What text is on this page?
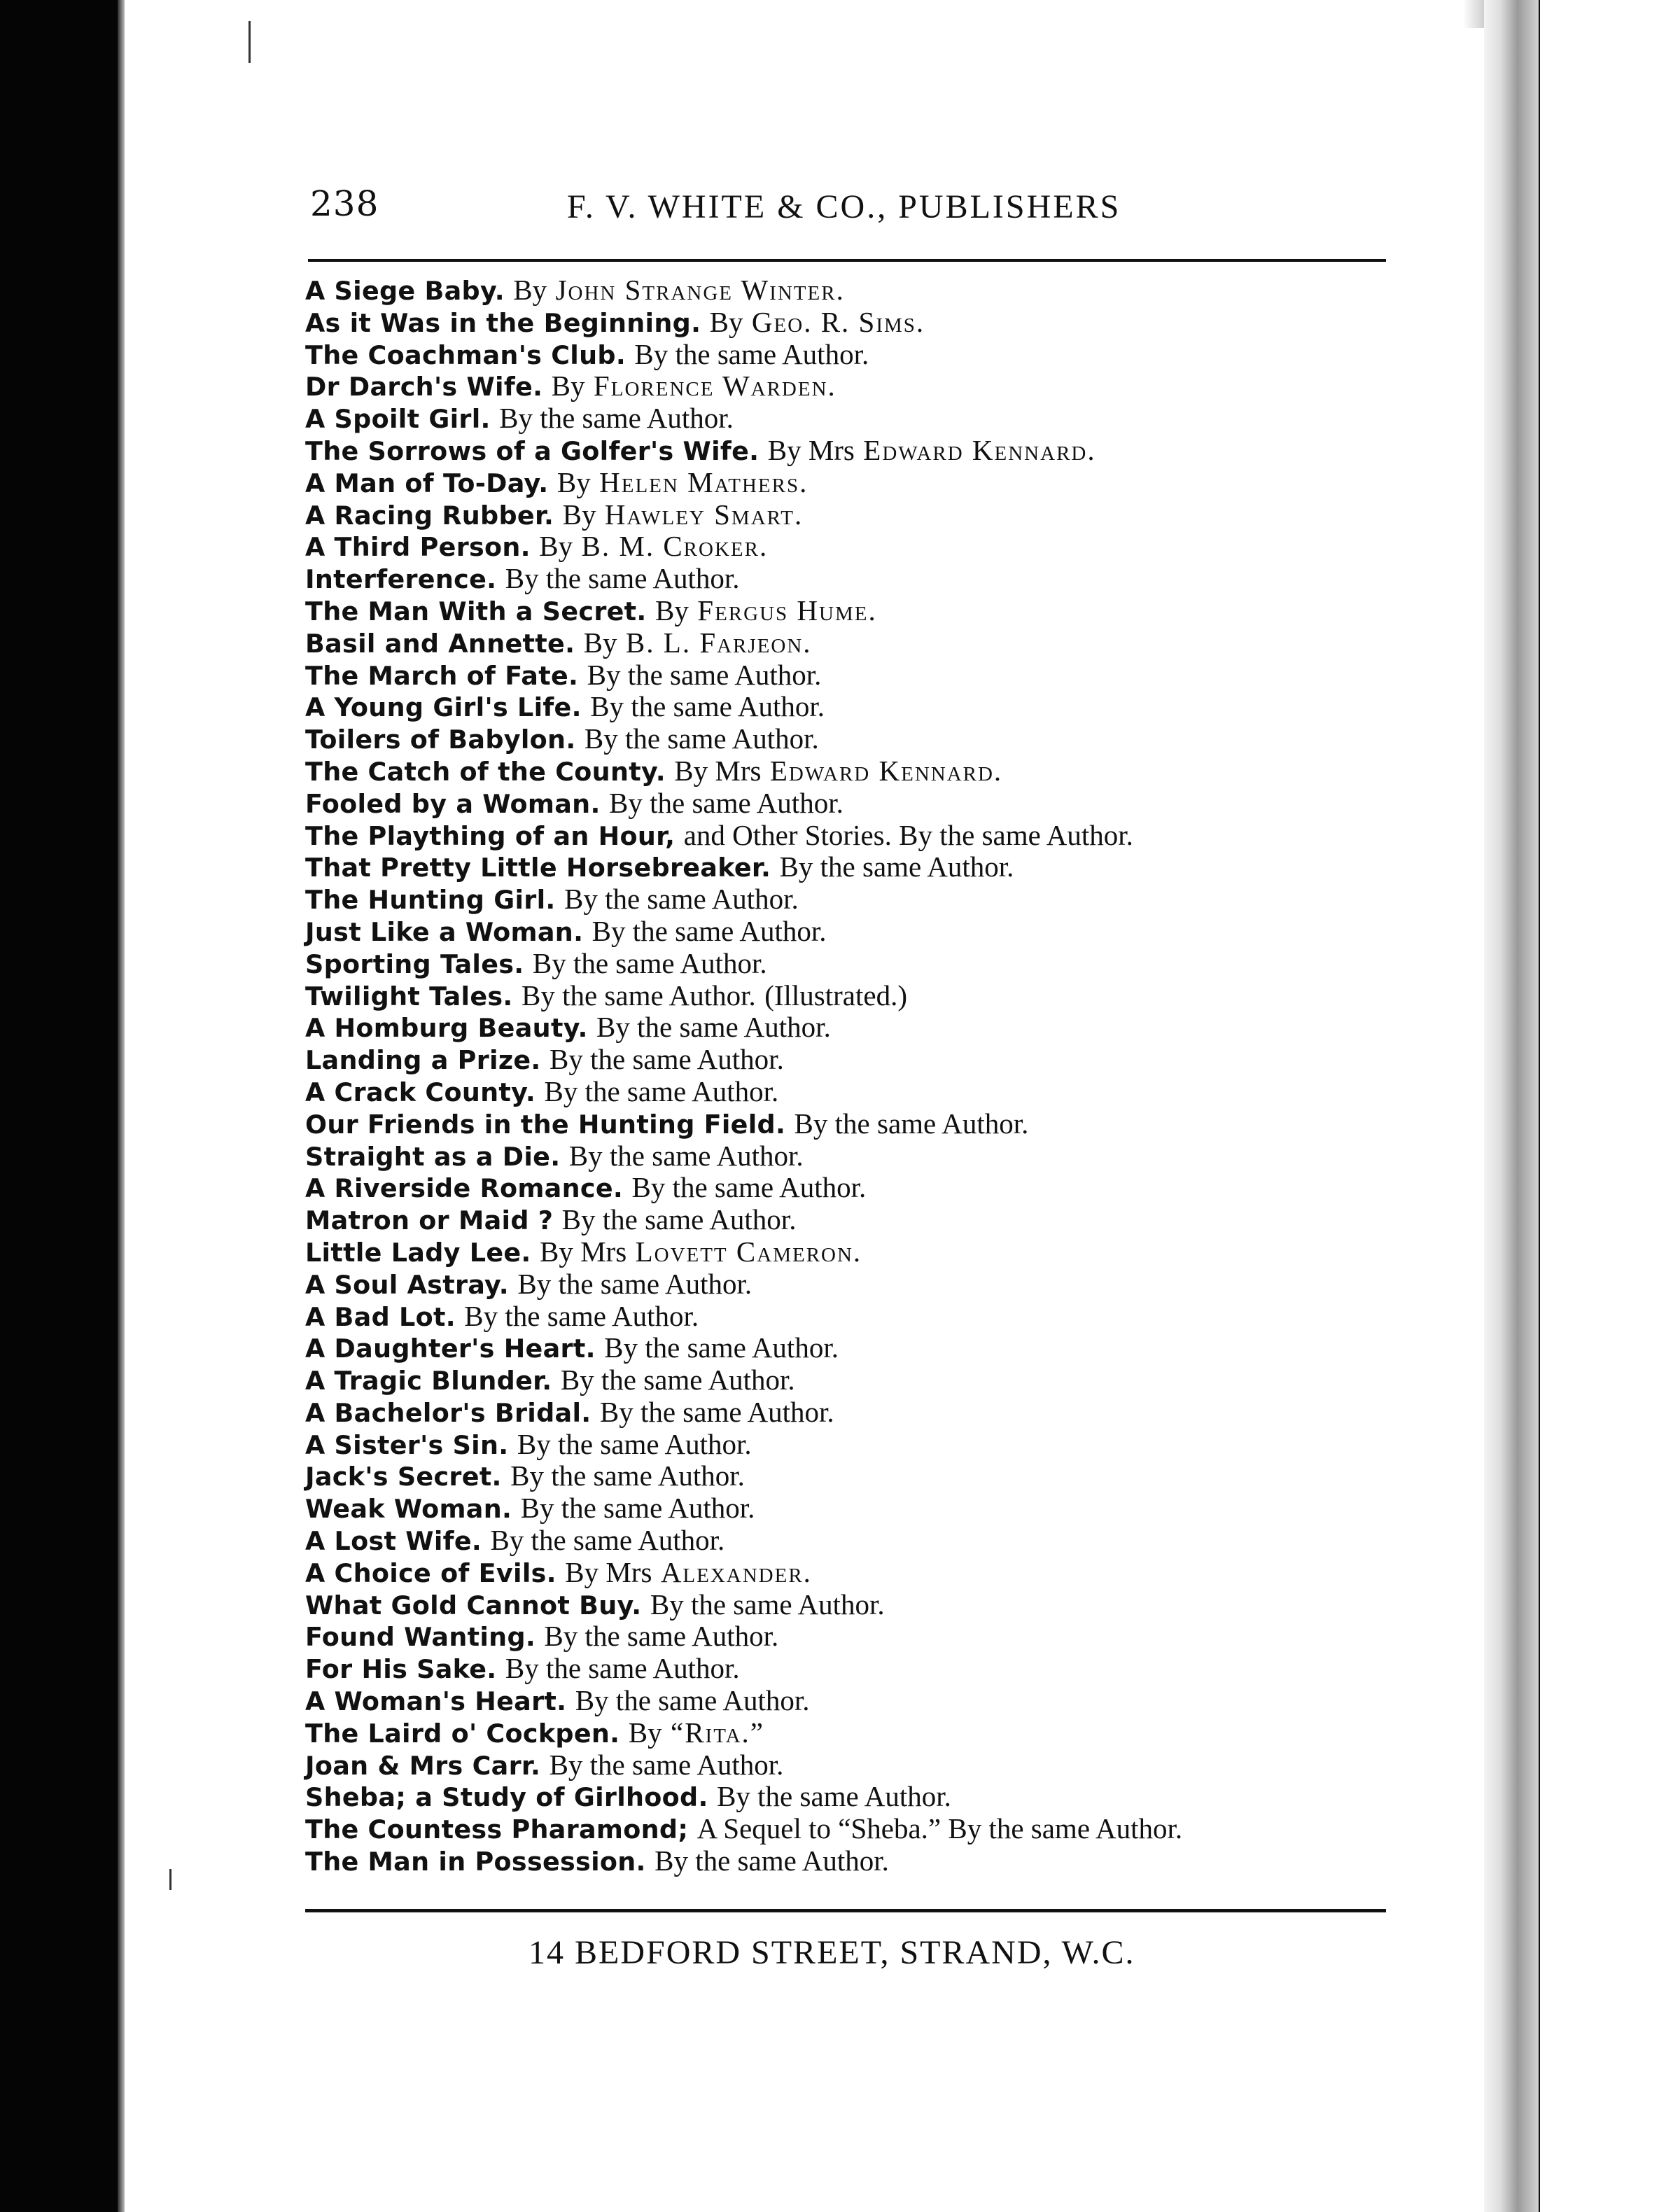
238	F. V. WHITE & CO., PUBLISHERS
A Siege Baby. By John Strange Winter.
As it Was in the Beginning. By Geo. R. Sims.
The Coachman's Club. By the same Author.
Dr Darch's Wife. By Florence Warden.
A Spoilt Girl. By the same Author.
The Sorrows of a Golfer's Wife. By Mrs Edward Kennard.
A Man of To-Day. By Helen Mathers.
A Racing Rubber. By Hawley Smart.
A Third Person. By B. M. Croker.
Interference. By the same Author.
The Man With a Secret. By Fergus Hume.
Basil and Annette. By B. L. Farjeon.
The March of Fate. By the same Author.
A Young Girl's Life. By the same Author.
Toilers of Babylon. By the same Author.
The Catch of the County. By Mrs Edward Kennard.
Fooled by a Woman. By the same Author.
The Plaything of an Hour, and Other Stories. By the same Author.
That Pretty Little Horsebreaker. By the same Author.
The Hunting Girl. By the same Author.
Just Like a Woman. By the same Author.
Sporting Tales. By the same Author.
Twilight Tales. By the same Author. (Illustrated.)
A Homburg Beauty. By the same Author.
Landing a Prize. By the same Author.
A Crack County. By the same Author.
Our Friends in the Hunting Field. By the same Author.
Straight as a Die. By the same Author.
A Riverside Romance. By the same Author.
Matron or Maid ? By the same Author.
Little Lady Lee. By Mrs Lovett Cameron.
A Soul Astray. By the same Author.
A Bad Lot. By the same Author.
A Daughter's Heart. By the same Author.
A Tragic Blunder. By the same Author.
A Bachelor's Bridal. By the same Author.
A Sister's Sin. By the same Author.
Jack's Secret. By the same Author.
Weak Woman. By the same Author.
A Lost Wife. By the same Author.
A Choice of Evils. By Mrs Alexander.
What Gold Cannot Buy. By the same Author.
Found Wanting. By the same Author.
For His Sake. By the same Author.
A Woman's Heart. By the same Author.
The Laird o' Cockpen. By “Rita.”
Joan & Mrs Carr. By the same Author.
Sheba; a Study of Girlhood. By the same Author.
The Countess Pharamond; A Sequel to “Sheba.” By the same Author.
The Man in Possession. By the same Author.
14 BEDFORD STREET, STRAND, W.C.
